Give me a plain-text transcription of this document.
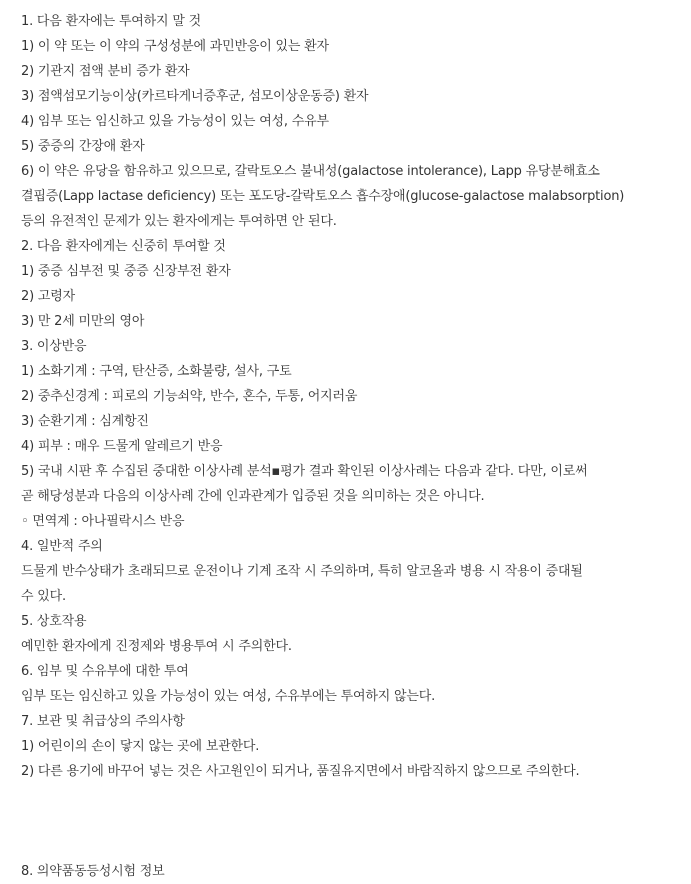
1. 다음 환자에는 투여하지 말 것
1) 이 약 또는 이 약의 구성성분에 과민반응이 있는 환자
2) 기관지 점액 분비 증가 환자
3) 점액섬모기능이상(카르타게너증후군, 섬모이상운동증) 환자
4) 임부 또는 임신하고 있을 가능성이 있는 여성, 수유부
5) 중증의 간장애 환자
6) 이 약은 유당을 함유하고 있으므로, 갈락토오스 불내성(galactose intolerance), Lapp 유당분해효소
결핍증(Lapp lactase deficiency) 또는 포도당-갈락토오스 흡수장애(glucose-galactose malabsorption)
등의 유전적인 문제가 있는 환자에게는 투여하면 안 된다.
2. 다음 환자에게는 신중히 투여할 것
1) 중증 심부전 및 중증 신장부전 환자
2) 고령자
3) 만 2세 미만의 영아
3. 이상반응
1) 소화기계 : 구역, 탄산증, 소화불량, 설사, 구토
2) 중추신경계 : 피로의 기능쇠약, 반수, 혼수, 두통, 어지러움
3) 순환기계 : 심계항진
4) 피부 : 매우 드물게 알레르기 반응
5) 국내 시판 후 수집된 중대한 이상사례 분석▪평가 결과 확인된 이상사례는 다음과 같다. 다만, 이로써
곧 해당성분과 다음의 이상사례 간에 인과관계가 입증된 것을 의미하는 것은 아니다.
◦ 면역계 : 아나필락시스 반응
4. 일반적 주의
드물게 반수상태가 초래되므로 운전이나 기계 조작 시 주의하며, 특히 알코올과 병용 시 작용이 증대될
수 있다.
5. 상호작용
예민한 환자에게 진정제와 병용투여 시 주의한다.
6. 임부 및 수유부에 대한 투여
임부 또는 임신하고 있을 가능성이 있는 여성, 수유부에는 투여하지 않는다.
7. 보관 및 취급상의 주의사항
1) 어린이의 손이 닿지 않는 곳에 보관한다.
2) 다른 용기에 바꾸어 넣는 것은 사고원인이 되거나, 품질유지면에서 바람직하지 않으므로 주의한다.
8. 의약품동등성시험 정보
